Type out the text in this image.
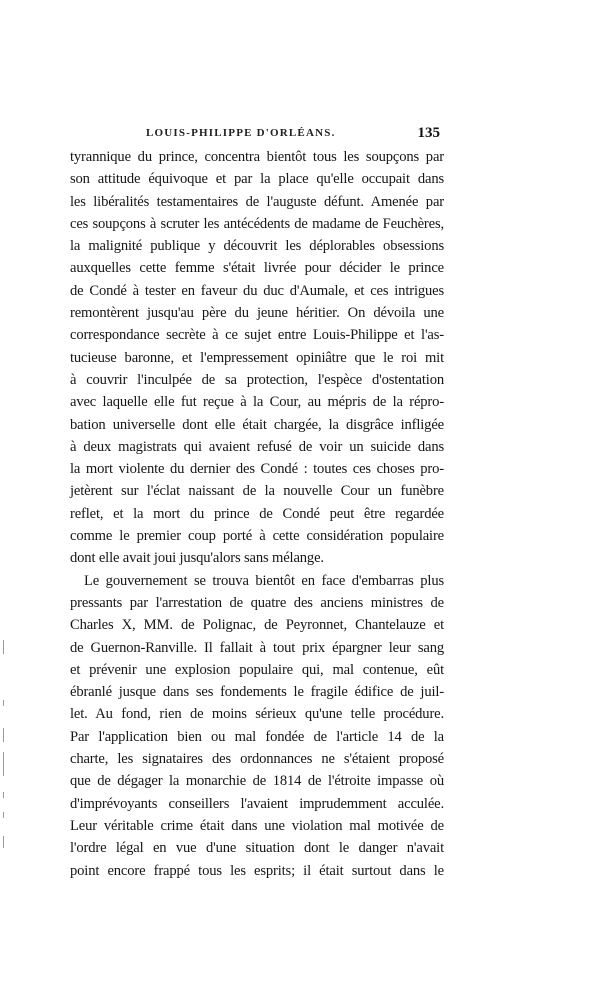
LOUIS-PHILIPPE D'ORLÉANS.	135
tyrannique du prince, concentra bientôt tous les soupçons par
son attitude équivoque et par la place qu'elle occupait dans
les libéralités testamentaires de l'auguste défunt. Amenée par
ces soupçons à scruter les antécédents de madame de Feuchères,
la malignité publique y découvrit les déplorables obsessions
auxquelles cette femme s'était livrée pour décider le prince
de Condé à tester en faveur du duc d'Aumale, et ces intrigues
remontèrent jusqu'au père du jeune héritier. On dévoila une
correspondance secrète à ce sujet entre Louis-Philippe et l'as-
tucieuse baronne, et l'empressement opiniâtre que le roi mit
à couvrir l'inculpée de sa protection, l'espèce d'ostentation
avec laquelle elle fut reçue à la Cour, au mépris de la répro-
bation universelle dont elle était chargée, la disgrâce infligée
à deux magistrats qui avaient refusé de voir un suicide dans
la mort violente du dernier des Condé : toutes ces choses pro-
jetèrent sur l'éclat naissant de la nouvelle Cour un funèbre
reflet, et la mort du prince de Condé peut être regardée
comme le premier coup porté à cette considération populaire
dont elle avait joui jusqu'alors sans mélange.
Le gouvernement se trouva bientôt en face d'embarras plus
pressants par l'arrestation de quatre des anciens ministres de
Charles X, MM. de Polignac, de Peyronnet, Chantelauze et
de Guernon-Ranville. Il fallait à tout prix épargner leur sang
et prévenir une explosion populaire qui, mal contenue, eût
ébranlé jusque dans ses fondements le fragile édifice de juil-
let. Au fond, rien de moins sérieux qu'une telle procédure.
Par l'application bien ou mal fondée de l'article 14 de la
charte, les signataires des ordonnances ne s'étaient proposé
que de dégager la monarchie de 1814 de l'étroite impasse où
d'imprévoyants conseillers l'avaient imprudemment acculée.
Leur véritable crime était dans une violation mal motivée de
l'ordre légal en vue d'une situation dont le danger n'avait
point encore frappé tous les esprits; il était surtout dans le
